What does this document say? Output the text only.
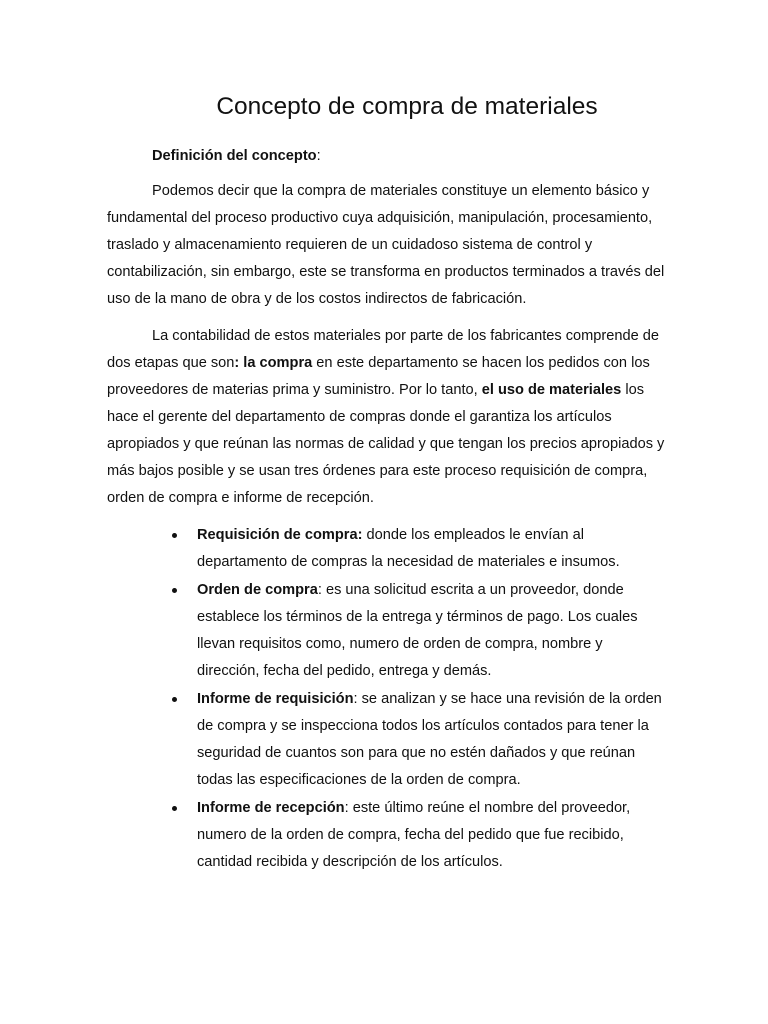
Concepto de compra de materiales

Definición del concepto:

Podemos decir que la compra de materiales constituye un elemento básico y fundamental del proceso productivo cuya adquisición, manipulación, procesamiento, traslado y almacenamiento requieren de un cuidadoso sistema de control y contabilización, sin embargo, este se transforma en productos terminados a través del uso de la mano de obra y de los costos indirectos de fabricación.

La contabilidad de estos materiales por parte de los fabricantes comprende de dos etapas que son: la compra en este departamento se hacen los pedidos con los proveedores de materias prima y suministro. Por lo tanto, el uso de materiales los hace el gerente del departamento de compras donde el garantiza los artículos apropiados y que reúnan las normas de calidad y que tengan los precios apropiados y más bajos posible y se usan tres órdenes para este proceso requisición de compra, orden de compra e informe de recepción.

Requisición de compra: donde los empleados le envían al departamento de compras la necesidad de materiales e insumos.
Orden de compra: es una solicitud escrita a un proveedor, donde establece los términos de la entrega y términos de pago. Los cuales llevan requisitos como, numero de orden de compra, nombre y dirección, fecha del pedido, entrega y demás.
Informe de requisición: se analizan y se hace una revisión de la orden de compra y se inspecciona todos los artículos contados para tener la seguridad de cuantos son para que no estén dañados y que reúnan todas las especificaciones de la orden de compra.
Informe de recepción: este último reúne el nombre del proveedor, numero de la orden de compra, fecha del pedido que fue recibido, cantidad recibida y descripción de los artículos.
